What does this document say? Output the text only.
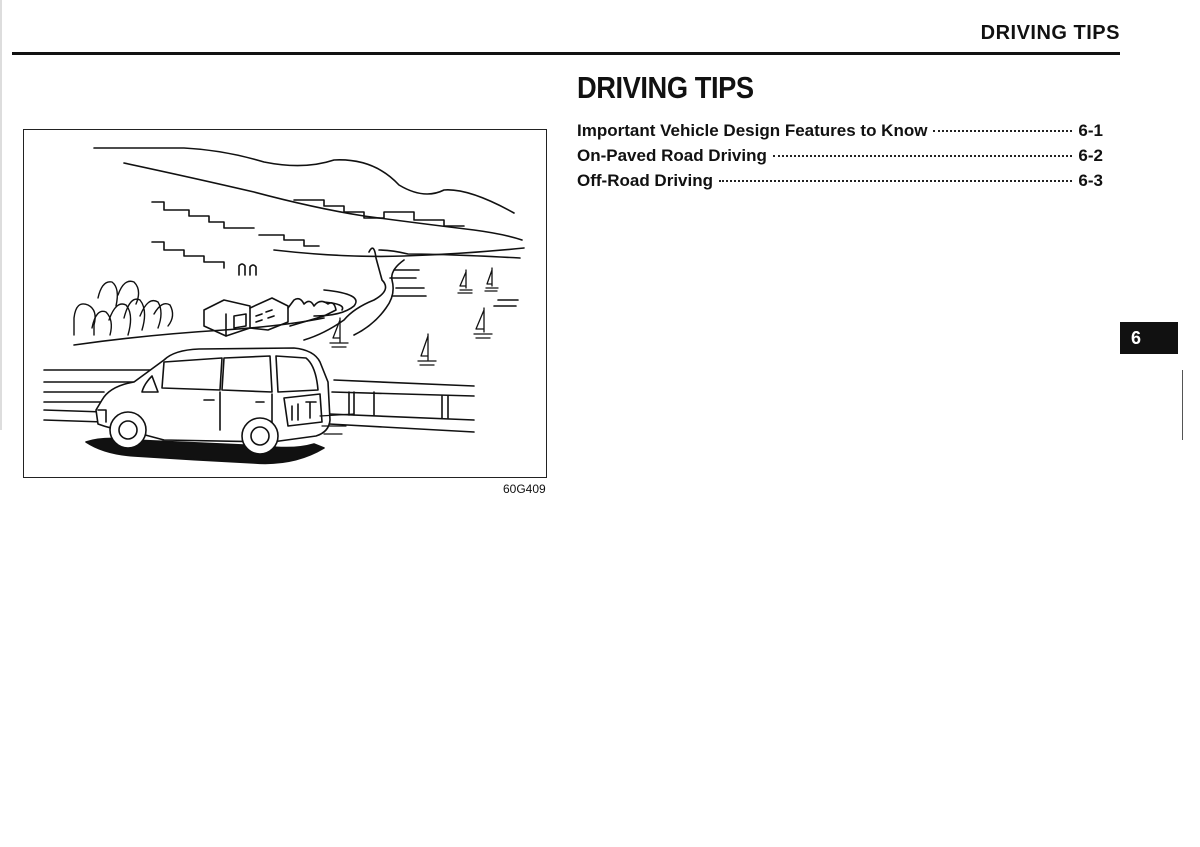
DRIVING TIPS
DRIVING TIPS
Important Vehicle Design Features to Know	6-1
On-Paved Road Driving	6-2
Off-Road Driving	6-3
60G409
6
